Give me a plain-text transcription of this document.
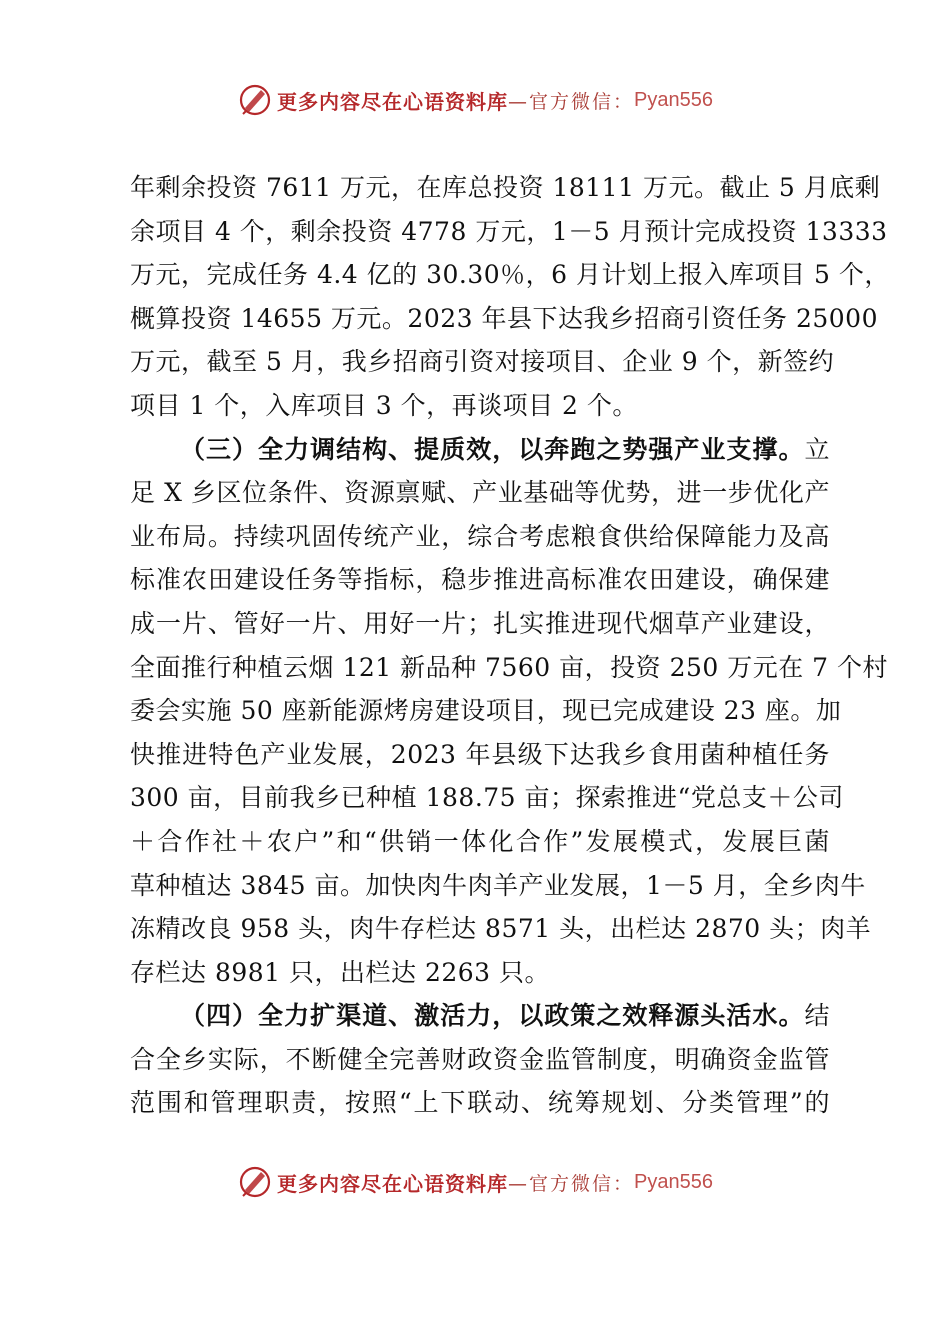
更多内容尽在心语资料库 —官方微信： Pyan556
年剩余投资 7611 万元，在库总投资 18111 万元。截止 5 月底剩
余项目 4 个，剩余投资 4778 万元，1－5 月预计完成投资 13333
万元，完成任务 4.4 亿的 30.30％，6 月计划上报入库项目 5 个，
概算投资 14655 万元。2023 年县下达我乡招商引资任务 25000
万元，截至 5 月，我乡招商引资对接项目、企业 9 个，新签约
项目 1 个，入库项目 3 个，再谈项目 2 个。
（三）全力调结构、提质效，以奔跑之势强产业支撑。立
足 X 乡区位条件、资源禀赋、产业基础等优势，进一步优化产
业布局。持续巩固传统产业，综合考虑粮食供给保障能力及高
标准农田建设任务等指标，稳步推进高标准农田建设，确保建
成一片、管好一片、用好一片；扎实推进现代烟草产业建设，
全面推行种植云烟 121 新品种 7560 亩，投资 250 万元在 7 个村
委会实施 50 座新能源烤房建设项目，现已完成建设 23 座。加
快推进特色产业发展，2023 年县级下达我乡食用菌种植任务
300 亩，目前我乡已种植 188.75 亩；探索推进“党总支＋公司
＋合作社＋农户”和“供销一体化合作”发展模式，发展巨菌
草种植达 3845 亩。加快肉牛肉羊产业发展，1－5 月，全乡肉牛
冻精改良 958 头，肉牛存栏达 8571 头，出栏达 2870 头；肉羊
存栏达 8981 只，出栏达 2263 只。
（四）全力扩渠道、激活力，以政策之效释源头活水。结
合全乡实际，不断健全完善财政资金监管制度，明确资金监管
范围和管理职责，按照“上下联动、统筹规划、分类管理”的
更多内容尽在心语资料库 —官方微信： Pyan556
